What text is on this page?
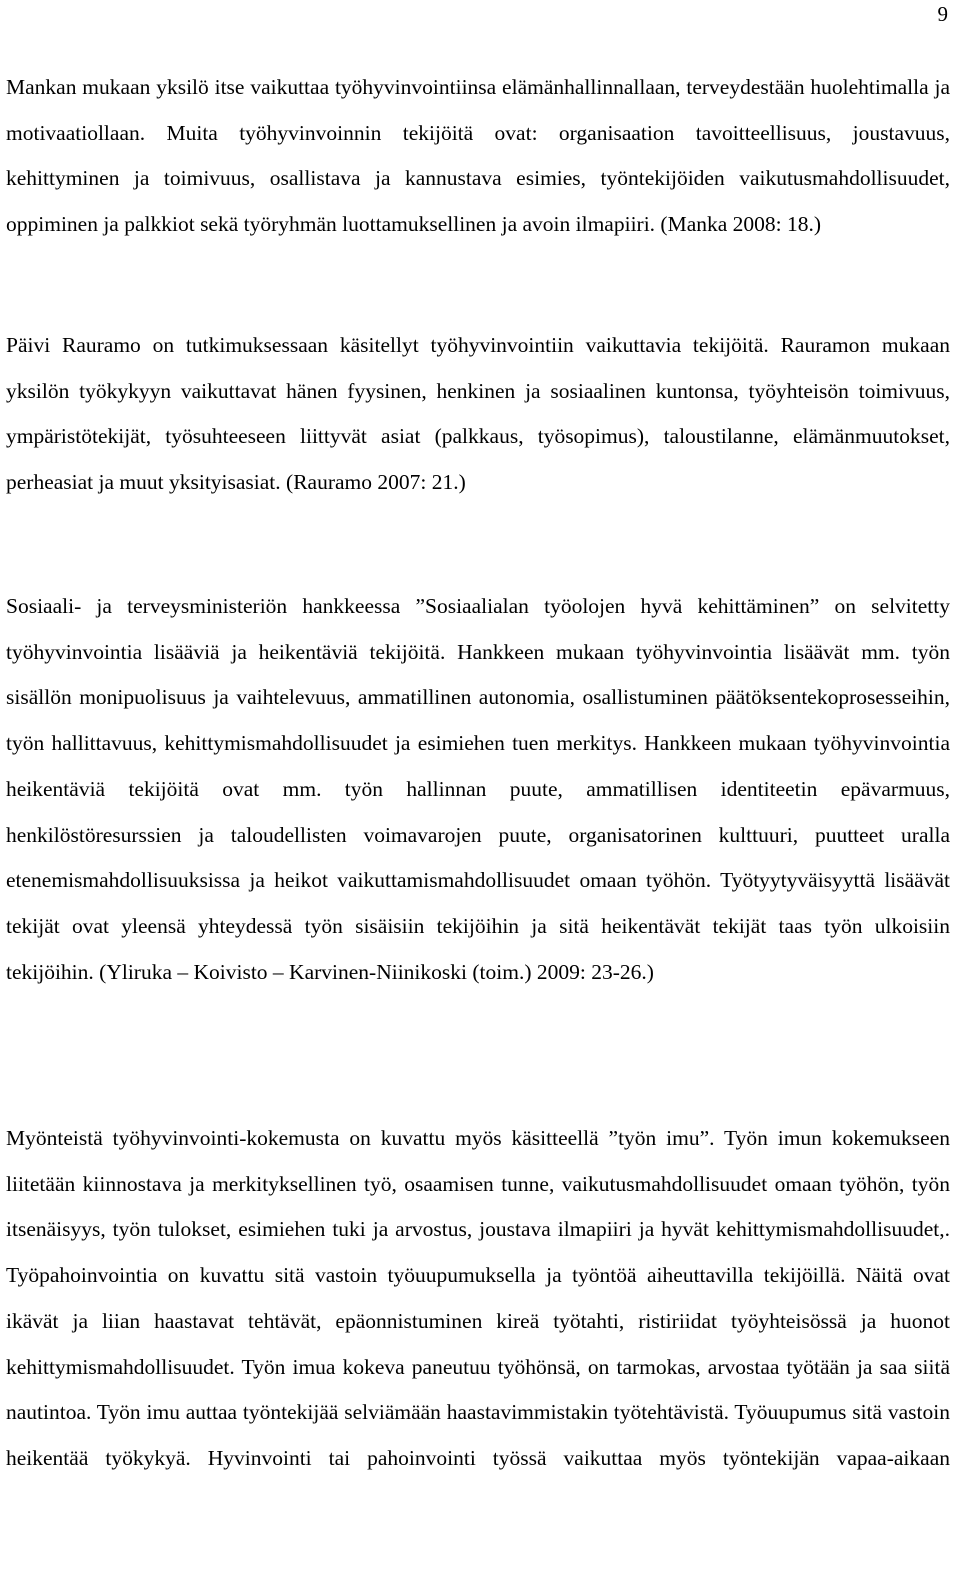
9

Mankan mukaan yksilö itse vaikuttaa työhyvinvointiinsa elämänhallinnallaan, terveydestään huolehtimalla ja motivaatiollaan. Muita työhyvinvoinnin tekijöitä ovat: organisaation tavoitteellisuus, joustavuus, kehittyminen ja toimivuus, osallistava ja kannustava esimies, työntekijöiden vaikutusmahdollisuudet, oppiminen ja palkkiot sekä työryhmän luottamuksellinen ja avoin ilmapiiri. (Manka 2008: 18.)

Päivi Rauramo on tutkimuksessaan käsitellyt työhyvinvointiin vaikuttavia tekijöitä. Rauramon mukaan yksilön työkykyyn vaikuttavat hänen fyysinen, henkinen ja sosiaalinen kuntonsa, työyhteisön toimivuus, ympäristötekijät, työsuhteeseen liittyvät asiat (palkkaus, työsopimus), taloustilanne, elämänmuutokset, perheasiat ja muut yksityisasiat. (Rauramo 2007: 21.)

Sosiaali- ja terveysministeriön hankkeessa ”Sosiaalialan työolojen hyvä kehittäminen” on selvitetty työhyvinvointia lisääviä ja heikentäviä tekijöitä. Hankkeen mukaan työhyvinvointia lisäävät mm. työn sisällön monipuolisuus ja vaihtelevuus, ammatillinen autonomia, osallistuminen päätöksentekoprosesseihin, työn hallittavuus, kehittymismahdollisuudet ja esimiehen tuen merkitys. Hankkeen mukaan työhyvinvointia heikentäviä tekijöitä ovat mm. työn hallinnan puute, ammatillisen identiteetin epävarmuus, henkilöstöresurssien ja taloudellisten voimavarojen puute, organisatorinen kulttuuri, puutteet uralla etenemismahdollisuuksissa ja heikot vaikuttamismahdollisuudet omaan työhön. Työtyytyväisyyttä lisäävät tekijät ovat yleensä yhteydessä työn sisäisiin tekijöihin ja sitä heikentävät tekijät taas työn ulkoisiin tekijöihin. (Yliruka – Koivisto – Karvinen-Niinikoski (toim.) 2009: 23-26.)

Myönteistä työhyvinvointi-kokemusta on kuvattu myös käsitteellä ”työn imu”. Työn imun kokemukseen liitetään kiinnostava ja merkityksellinen työ, osaamisen tunne, vaikutusmahdollisuudet omaan työhön, työn itsenäisyys, työn tulokset, esimiehen tuki ja arvostus, joustava ilmapiiri ja hyvät kehittymismahdollisuudet,. Työpahoinvointia on kuvattu sitä vastoin työuupumuksella ja työntöä aiheuttavilla tekijöillä. Näitä ovat ikävät ja liian haastavat tehtävät, epäonnistuminen kireä työtahti, ristiriidat työyhteisössä ja huonot kehittymismahdollisuudet. Työn imua kokeva paneutuu työhönsä, on tarmokas, arvostaa työtään ja saa siitä nautintoa. Työn imu auttaa työntekijää selviämään haastavimmistakin työtehtävistä. Työuupumus sitä vastoin heikentää työkykyä. Hyvinvointi tai pahoinvointi työssä vaikuttaa myös työntekijän vapaa-aikaan
